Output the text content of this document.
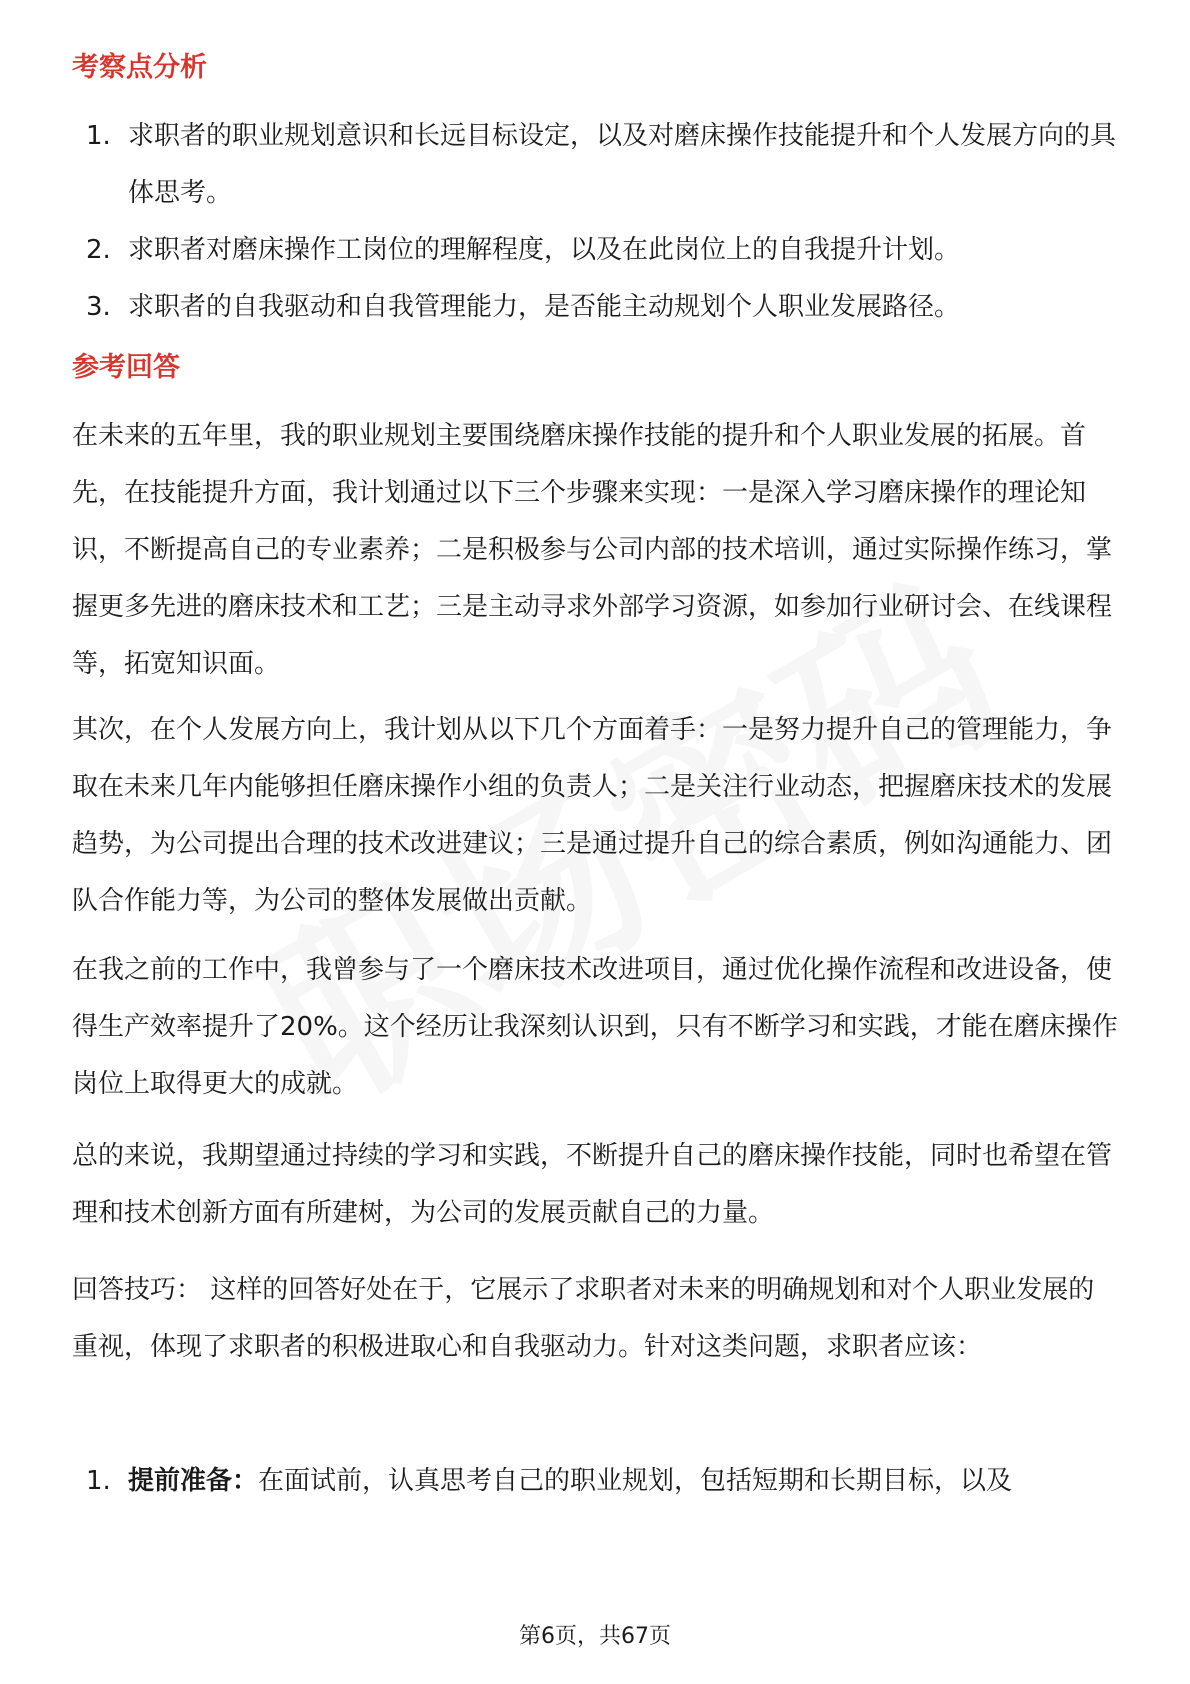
考察点分析
1. 求职者的职业规划意识和长远目标设定，以及对磨床操作技能提升和个人发展方向的具体思考。
2. 求职者对磨床操作工岗位的理解程度，以及在此岗位上的自我提升计划。
3. 求职者的自我驱动和自我管理能力，是否能主动规划个人职业发展路径。
参考回答

在未来的五年里，我的职业规划主要围绕磨床操作技能的提升和个人职业发展的拓展。首先，在技能提升方面，我计划通过以下三个步骤来实现：一是深入学习磨床操作的理论知识，不断提高自己的专业素养；二是积极参与公司内部的技术培训，通过实际操作练习，掌握更多先进的磨床技术和工艺；三是主动寻求外部学习资源，如参加行业研讨会、在线课程等，拓宽知识面。

其次，在个人发展方向上，我计划从以下几个方面着手：一是努力提升自己的管理能力，争取在未来几年内能够担任磨床操作小组的负责人；二是关注行业动态，把握磨床技术的发展趋势，为公司提出合理的技术改进建议；三是通过提升自己的综合素质，例如沟通能力、团队合作能力等，为公司的整体发展做出贡献。

在我之前的工作中，我曾参与了一个磨床技术改进项目，通过优化操作流程和改进设备，使得生产效率提升了20%。这个经历让我深刻认识到，只有不断学习和实践，才能在磨床操作岗位上取得更大的成就。

总的来说，我期望通过持续的学习和实践，不断提升自己的磨床操作技能，同时也希望在管理和技术创新方面有所建树，为公司的发展贡献自己的力量。

回答技巧： 这样的回答好处在于，它展示了求职者对未来的明确规划和对个人职业发展的重视，体现了求职者的积极进取心和自我驱动力。针对这类问题，求职者应该：

1. 提前准备：在面试前，认真思考自己的职业规划，包括短期和长期目标，以及
第6页，共67页
